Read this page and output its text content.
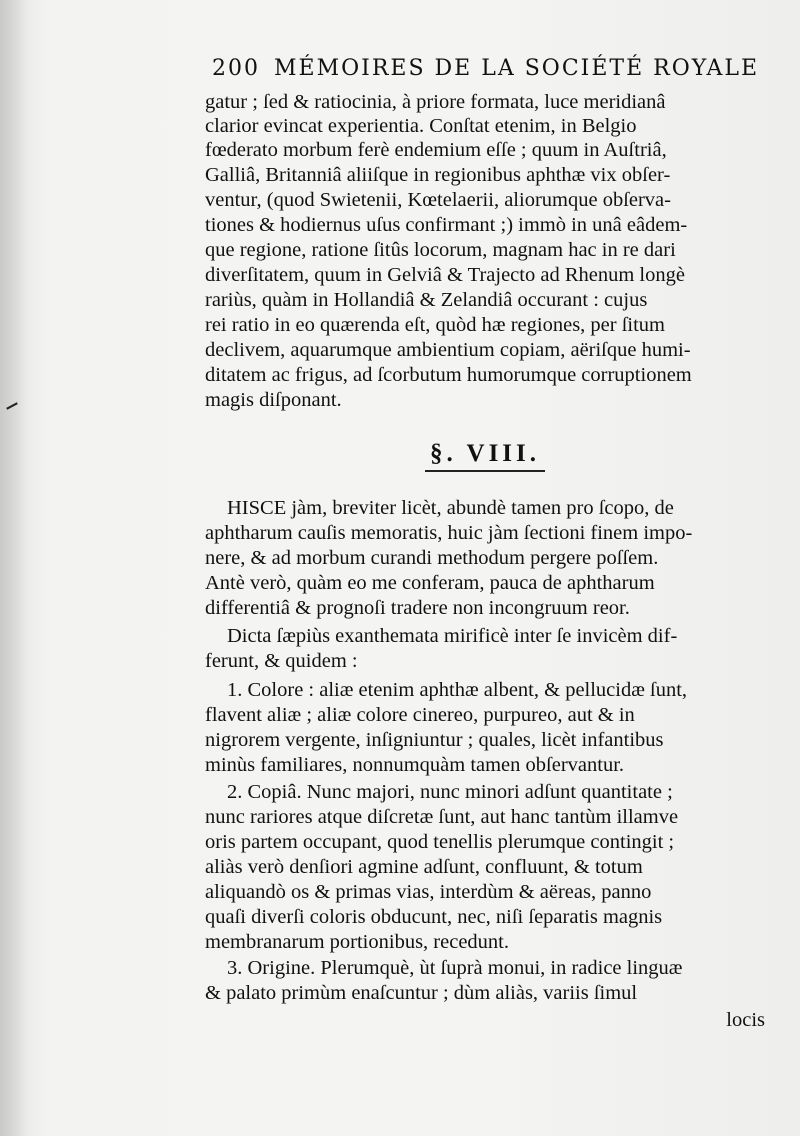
200 MÉMOIRES DE LA SOCIÉTÉ ROYALE
gatur ; ſed & ratiocinia, à priore formata, luce meridianâ
clarior evincat experientia. Conſtat etenim, in Belgio
fœderato morbum ferè endemium eſſe ; quum in Auſtriâ,
Galliâ, Britanniâ aliiſque in regionibus aphthæ vix obſer-
ventur, (quod Swietenii, Kœtelaerii, aliorumque obſerva-
tiones & hodiernus uſus confirmant ;) immò in unâ eâdem-
que regione, ratione ſitûs locorum, magnam hac in re dari
diverſitatem, quum in Gelviâ & Trajecto ad Rhenum longè
rariùs, quàm in Hollandiâ & Zelandiâ occurant : cujus
rei ratio in eo quærenda eſt, quòd hæ regiones, per ſitum
declivem, aquarumque ambientium copiam, aëriſque humi-
ditatem ac frigus, ad ſcorbutum humorumque corruptionem
magis diſponant.
§. VIII.
HISCE jàm, breviter licèt, abundè tamen pro ſcopo, de
aphtharum cauſis memoratis, huic jàm ſectioni finem impo-
nere, & ad morbum curandi methodum pergere poſſem.
Antè verò, quàm eo me conferam, pauca de aphtharum
differentiâ & prognoſi tradere non incongruum reor.
Dicta ſæpiùs exanthemata mirificè inter ſe invicèm dif-
ferunt, & quidem :
1. Colore : aliæ etenim aphthæ albent, & pellucidæ ſunt,
flavent aliæ ; aliæ colore cinereo, purpureo, aut & in
nigrorem vergente, inſigniuntur ; quales, licèt infantibus
minùs familiares, nonnumquàm tamen obſervantur.
2. Copiâ. Nunc majori, nunc minori adſunt quantitate ;
nunc rariores atque diſcretæ ſunt, aut hanc tantùm illamve
oris partem occupant, quod tenellis plerumque contingit ;
aliàs verò denſiori agmine adſunt, confluunt, & totum
aliquandò os & primas vias, interdùm & aëreas, panno
quaſi diverſi coloris obducunt, nec, niſi ſeparatis magnis
membranarum portionibus, recedunt.
3. Origine. Plerumquè, ùt ſuprà monui, in radice linguæ
& palato primùm enaſcuntur ; dùm aliàs, variis ſimul
locis
